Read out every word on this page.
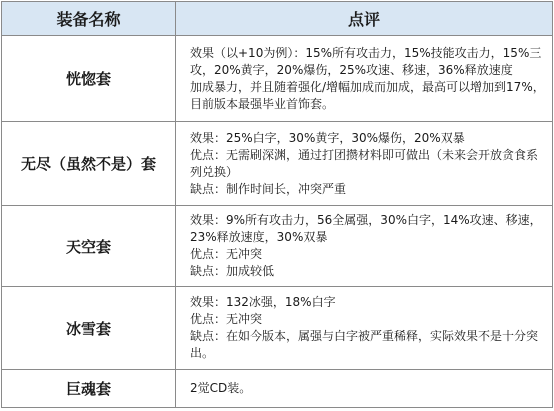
装备名称	点评
恍惚套	效果（以+10为例）：15%所有攻击力，15%技能攻击力，15%三攻，20%黄字，20%爆伤，25%攻速、移速，36%释放速度
加成暴力，并且随着强化/增幅加成而加成，最高可以增加到17%，目前版本最强毕业首饰套。

无尽（虽然不是）套	效果：25%白字，30%黄字，30%爆伤，20%双暴
优点：无需刷深渊，通过打团攒材料即可做出（未来会开放贪食系列兑换）
缺点：制作时间长，冲突严重

天空套	效果：9%所有攻击力，56全属强，30%白字，14%攻速、移速，23%释放速度，30%双暴
优点：无冲突
缺点：加成较低

冰雪套	效果：132冰强，18%白字
优点：无冲突
缺点：在如今版本，属强与白字被严重稀释，实际效果不是十分突出。

巨魂套	2觉CD装。
